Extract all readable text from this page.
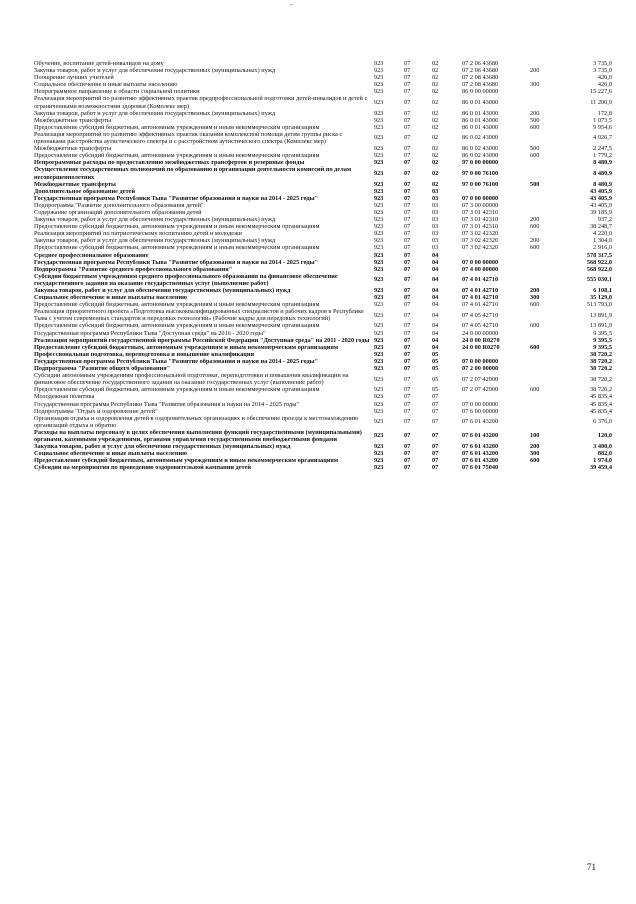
-
Обучение, воспитание детей-инвалидов на дому	923	07	02	07 2 06 43680		3 735,0
Закупка товаров, работ и услуг для обеспечения государственных (муниципальных) нужд	923	07	02	07 2 06 43680	200	3 735,0
Поощрение лучших учителей	923	07	02	07 2 08 43680		420,0
Социальное обеспечение и иные выплаты населению	923	07	02	07 2 08 43680	300	420,0
Непрограммное направление в области социальной политики	923	07	02	86 0 00 00000		15 227,6
Реализация мероприятий по развитию эффективных практик предпрофессиональной подготовки детей-инвалидов и детей с ограниченными возможностями здоровья (Комплекс мер)	923	07	02	86 0 01 43000		11 200,9
Закупка товаров, работ и услуг для обеспечения государственных (муниципальных) нужд	923	07	02	86 0 01 43000	200	172,8
Межбюджетные трансферты	923	07	02	86 0 01 43000	500	1 073,5
Предоставление субсидий бюджетным, автономным учреждениям и иным некоммерческим организациям	923	07	02	86 0 01 43000	600	9 954,6
Реализация мероприятий по развитию эффективных практик оказания комплексной помощи детям группы риска с признаками расстройства аутистического спектра и с расстройством аутистического спектра (Комплекс мер)	923	07	02	86 0 02 43000		4 026,7
Межбюджетные трансферты	923	07	02	86 0 02 43000	500	2 247,5
Предоставление субсидий бюджетным, автономным учреждениям и иным некоммерческим организациям	923	07	02	86 0 02 43000	600	1 779,2
Непрограммные расходы по предоставлению межбюджетных трансфертов и резервные фонды	923	07	02	97 0 00 00000		8 480,9
Осуществление государственных полномочий по образованию и организации деятельности комиссий по делам несовершеннолетних	923	07	02	97 0 00 76100		8 480,9
Межбюджетные трансферты	923	07	02	97 0 00 76100	500	8 480,9
Дополнительное образование детей	923	07	03			43 405,9
Государственная программа Республики Тыва "Развитие образования и науки на 2014 - 2025 годы"	923	07	03	07 0 00 00000		43 405,9
Подпрограмма "Развитие дополнительного образования детей"	923	07	03	07 3 00 00000		43 405,9
Содержание организаций дополнительного образования детей	923	07	03	07 3 01 42310		39 185,9
Закупка товаров, работ и услуг для обеспечения государственных (муниципальных) нужд	923	07	03	07 3 01 42310	200	937,2
Предоставление субсидий бюджетным, автономным учреждениям и иным некоммерческим организациям	923	07	03	07 3 01 42310	600	38 248,7
Реализация мероприятий по патриотическому воспитанию детей и молодежи	923	07	03	07 3 02 42320		4 220,0
Закупка товаров, работ и услуг для обеспечения государственных (муниципальных) нужд	923	07	03	07 3 02 42320	200	1 304,0
Предоставление субсидий бюджетным, автономным учреждениям и иным некоммерческим организациям	923	07	03	07 3 02 42320	600	2 916,0
Среднее профессиональное образование	923	07	04			578 317,5
Государственная программа Республики Тыва "Развитие образования и науки на 2014 - 2025 годы"	923	07	04	07 0 00 00000		568 922,0
Подпрограмма "Развитие среднего профессионального образования"	923	07	04	07 4 00 00000		568 922,0
Субсидии бюджетным учреждениям среднего профессионального образования на финансовое обеспечение государственного задания на оказание государственных услуг (выполнение работ)	923	07	04	07 4 01 42710		555 030,1
Закупка товаров, работ и услуг для обеспечения государственных (муниципальных) нужд	923	07	04	07 4 01 42710	200	6 108,1
Социальное обеспечение и иные выплаты населению	923	07	04	07 4 01 42710	300	35 129,0
Предоставление субсидий бюджетным, автономным учреждениям и иным некоммерческим организациям	923	07	04	07 4 01 42710	600	513 793,0
Реализация приоритетного проекта «Подготовка высококвалифицированных специалистов и рабочих кадров в Республике Тыва с учетом современных стандартов и передовых технологий» (Рабочие кадры для передовых технологий)	923	07	04	07 4 05 42710		13 891,9
Предоставление субсидий бюджетным, автономным учреждениям и иным некоммерческим организациям	923	07	04	07 4 05 42710	600	13 891,9
Государственная программа Республики Тыва "Доступная среда" на 2016 - 2020 годы"	923	07	04	24 0 00 00000		9 395,5
Реализация мероприятий государственной программы Российской Федерации "Доступная среда" на 2011 - 2020 годы	923	07	04	24 0 00 R0270		9 395,5
Предоставление субсидий бюджетным, автономным учреждениям и иным некоммерческим организациям	923	07	04	24 0 00 R0270	600	9 395,5
Профессиональная подготовка, переподготовка и повышение квалификации	923	07	05			38 720,2
Государственная программа Республики Тыва "Развитие образования и науки на 2014 - 2025 годы"	923	07	05	07 0 00 00000		38 720,2
Подпрограмма "Развитие общего образования"	923	07	05	07 2 00 00000		38 720,2
Субсидии автономным учреждениям профессиональной подготовки, переподготовки и повышения квалификации на финансовое обеспечение государственного задания на оказание государственных услуг (выполнение работ)	923	07	05	07 2 07 42900		38 720,2
Предоставление субсидий бюджетным, автономным учреждениям и иным некоммерческим организациям	923	07	05	07 2 07 42900	600	38 720,2
Молодежная политика	923	07	07			45 835,4
Государственная программа Республики Тыва "Развитие образования и науки на 2014 - 2025 годы"	923	07	07	07 0 00 00000		45 835,4
Подпрограмма "Отдых и оздоровление детей"	923	07	07	07 6 00 00000		45 835,4
Организация отдыха и оздоровления детей в оздоровительных организациях и обеспечение проезда к местонахождению организаций отдыха и обратно	923	07	07	07 6 01 43200		6 376,0
Расходы на выплаты персоналу в целях обеспечения выполнения функций государственными (муниципальными) органами, казенными учреждениями, органами управления государственными внебюджетными фондами	923	07	07	07 6 01 43200	100	120,0
Закупка товаров, работ и услуг для обеспечения государственных (муниципальных) нужд	923	07	07	07 6 01 43200	200	3 400,0
Социальное обеспечение и иные выплаты населению	923	07	07	07 6 01 43200	300	882,0
Предоставление субсидий бюджетным, автономным учреждениям и иным некоммерческим организациям	923	07	07	07 6 01 43200	600	1 974,0
Субсидии на мероприятия по проведению оздоровительной кампании детей	923	07	07	07 6 01 75040		39 459,4
71
